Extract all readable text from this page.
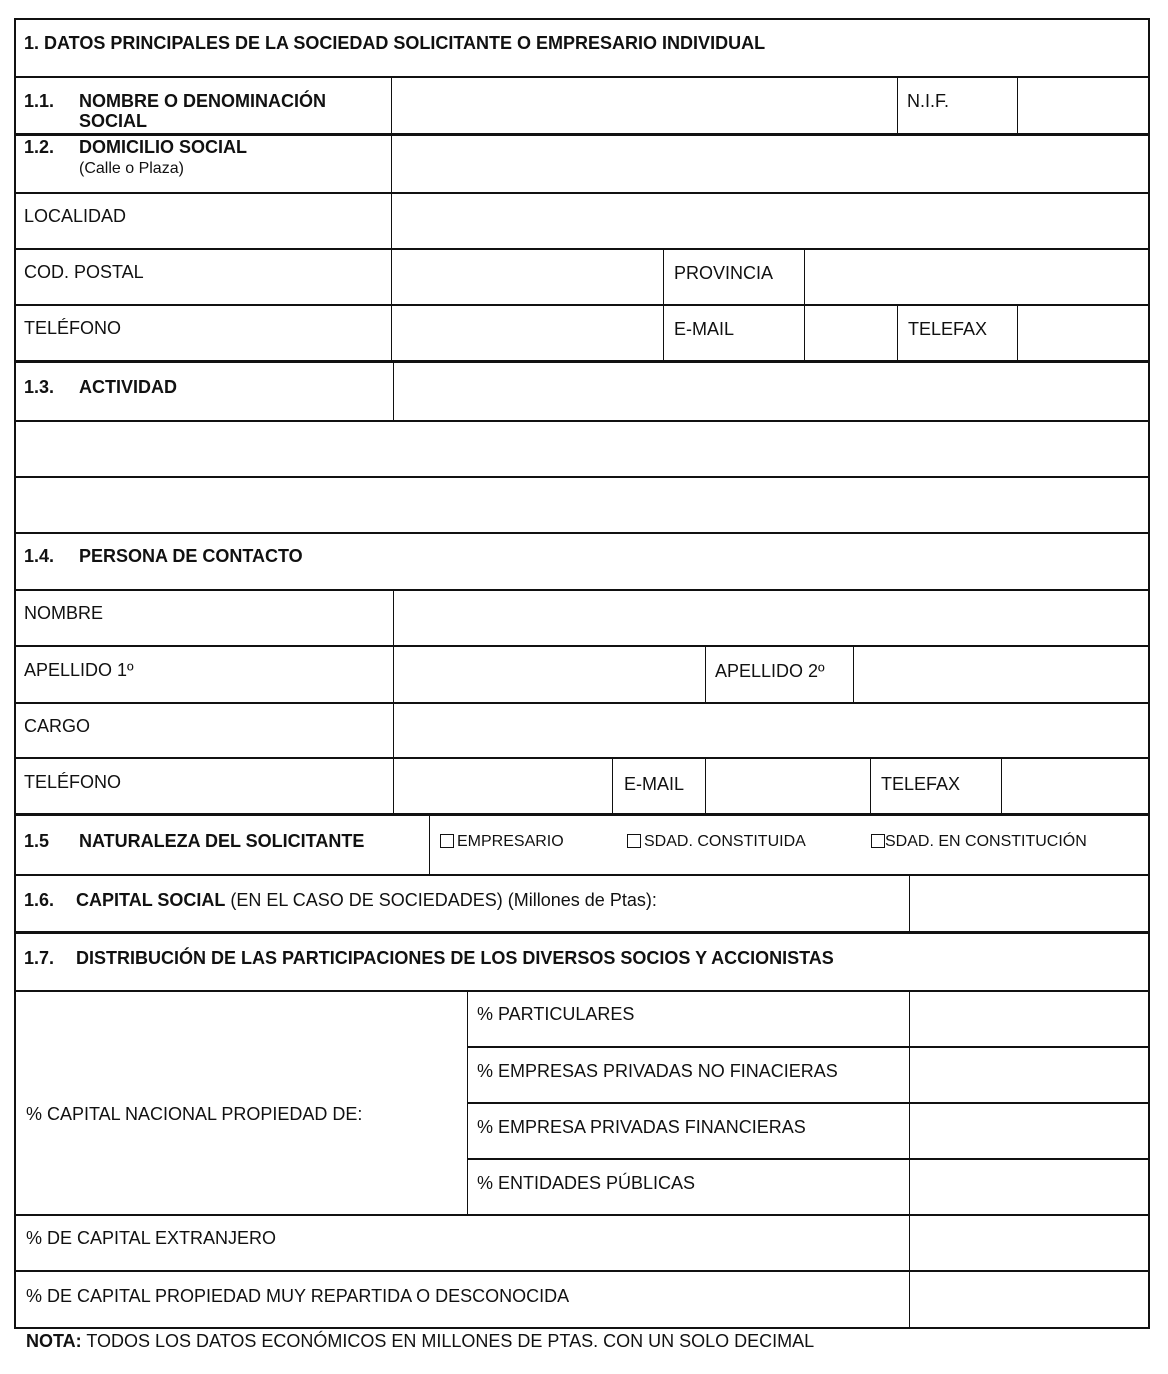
1. DATOS PRINCIPALES DE LA SOCIEDAD SOLICITANTE O EMPRESARIO INDIVIDUAL
1.1. NOMBRE O DENOMINACIÓN
SOCIAL
N.I.F.
1.2. DOMICILIO SOCIAL
(Calle o Plaza)
LOCALIDAD
COD. POSTAL	PROVINCIA
TELÉFONO	E-MAIL	TELEFAX
1.3. ACTIVIDAD
1.4. PERSONA DE CONTACTO
NOMBRE
APELLIDO 1º	APELLIDO 2º
CARGO
TELÉFONO	E-MAIL	TELEFAX
1.5 NATURALEZA DEL SOLICITANTE	EMPRESARIO	SDAD. CONSTITUIDA	SDAD. EN CONSTITUCIÓN
1.6. CAPITAL SOCIAL (EN EL CASO DE SOCIEDADES) (Millones de Ptas):
1.7. DISTRIBUCIÓN DE LAS PARTICIPACIONES DE LOS DIVERSOS SOCIOS Y ACCIONISTAS
% CAPITAL NACIONAL PROPIEDAD DE:
% PARTICULARES
% EMPRESAS PRIVADAS NO FINACIERAS
% EMPRESA PRIVADAS FINANCIERAS
% ENTIDADES PÚBLICAS
% DE CAPITAL EXTRANJERO
% DE CAPITAL PROPIEDAD MUY REPARTIDA O DESCONOCIDA
NOTA: TODOS LOS DATOS ECONÓMICOS EN MILLONES DE PTAS. CON UN SOLO DECIMAL
